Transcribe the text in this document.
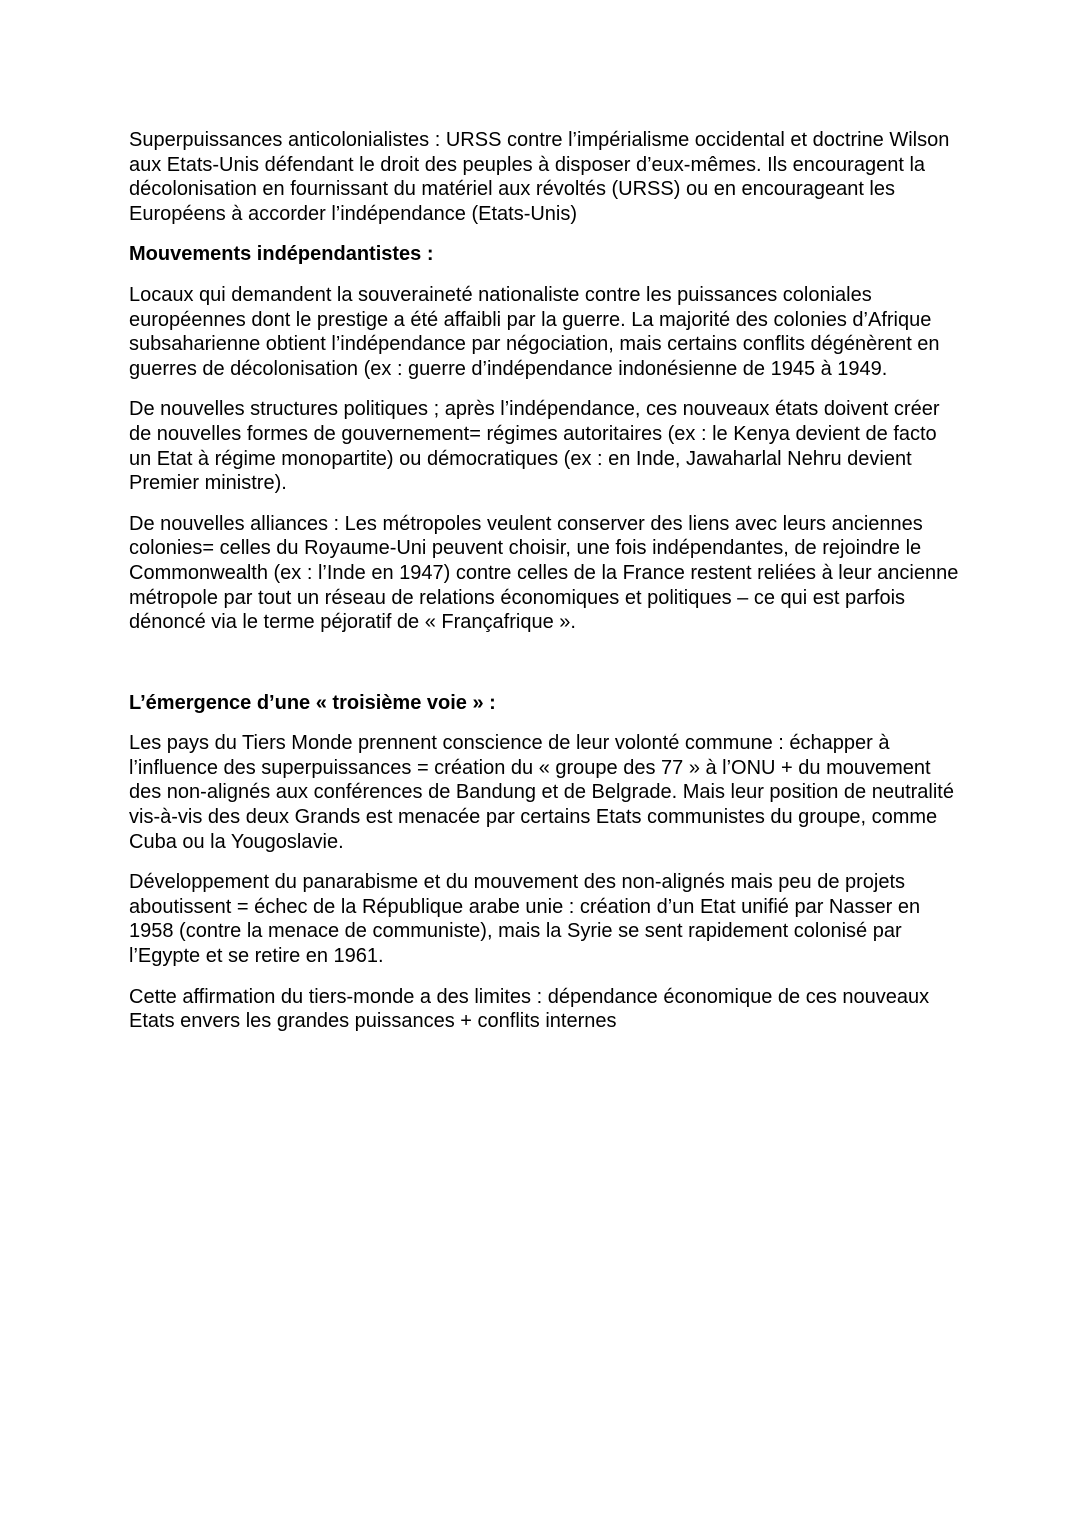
Superpuissances anticolonialistes : URSS contre l’impérialisme occidental et doctrine Wilson aux Etats-Unis défendant le droit des peuples à disposer d’eux-mêmes. Ils encouragent la décolonisation en fournissant du matériel aux révoltés (URSS) ou en encourageant les Européens à accorder l’indépendance (Etats-Unis)

Mouvements indépendantistes :

Locaux qui demandent la souveraineté nationaliste contre les puissances coloniales européennes dont le prestige a été affaibli par la guerre. La majorité des colonies d’Afrique subsaharienne obtient l’indépendance par négociation, mais certains conflits dégénèrent en guerres de décolonisation (ex : guerre d’indépendance indonésienne de 1945 à 1949.

De nouvelles structures politiques ; après l’indépendance, ces nouveaux états doivent créer de nouvelles formes de gouvernement= régimes autoritaires (ex : le Kenya devient de facto un Etat à régime monopartite) ou démocratiques (ex : en Inde, Jawaharlal Nehru devient Premier ministre).

De nouvelles alliances : Les métropoles veulent conserver des liens avec leurs anciennes colonies= celles du Royaume-Uni peuvent choisir, une fois indépendantes, de rejoindre le Commonwealth (ex : l’Inde en 1947) contre celles de la France restent reliées à leur ancienne métropole par tout un réseau de relations économiques et politiques – ce qui est parfois dénoncé via le terme péjoratif de « Françafrique ».

L’émergence d’une « troisième voie » :

Les pays du Tiers Monde prennent conscience de leur volonté commune : échapper à l’influence des superpuissances = création du « groupe des 77 » à l’ONU + du mouvement des non-alignés aux conférences de Bandung et de Belgrade. Mais leur position de neutralité vis-à-vis des deux Grands est menacée par certains Etats communistes du groupe, comme Cuba ou la Yougoslavie.

Développement du panarabisme et du mouvement des non-alignés mais peu de projets aboutissent = échec de la République arabe unie : création d’un Etat unifié par Nasser en 1958 (contre la menace de communiste), mais la Syrie se sent rapidement colonisé par l’Egypte et se retire en 1961.

Cette affirmation du tiers-monde a des limites : dépendance économique de ces nouveaux Etats envers les grandes puissances + conflits internes
